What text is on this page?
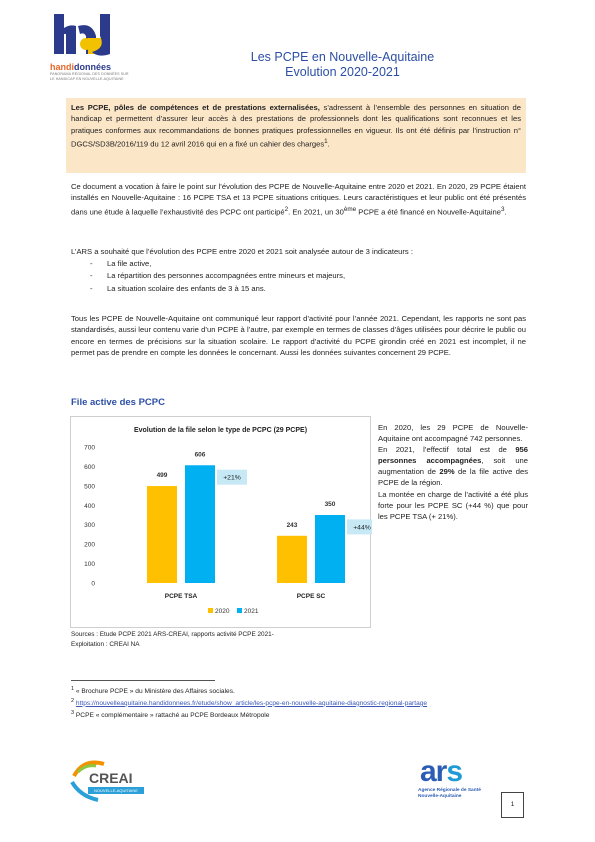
handidonnées
PANORAMA RÉGIONAL DES DONNÉES SUR
LE HANDICAP EN NOUVELLE-AQUITAINE
Les PCPE en Nouvelle-Aquitaine
Evolution 2020-2021
Les PCPE, pôles de compétences et de prestations externalisées, s’adressent à l’ensemble des personnes en situation de handicap et permettent d’assurer leur accès à des prestations de professionnels dont les qualifications sont reconnues et les pratiques conformes aux recommandations de bonnes pratiques professionnelles en vigueur. Ils ont été définis par l’instruction n° DGCS/SD3B/2016/119 du 12 avril 2016 qui en a fixé un cahier des charges$^1$.
Ce document a vocation à faire le point sur l’évolution des PCPE de Nouvelle-Aquitaine entre 2020 et 2021. En 2020, 29 PCPE étaient installés en Nouvelle-Aquitaine : 16 PCPE TSA et 13 PCPE situations critiques. Leurs caractéristiques et leur public ont été présentés dans une étude à laquelle l’exhaustivité des PCPC ont participé$^2$. En 2021, un 30ème PCPE a été financé en Nouvelle-Aquitaine$^3$.
L’ARS a souhaité que l’évolution des PCPE entre 2020 et 2021 soit analysée autour de 3 indicateurs :
- La file active,
- La répartition des personnes accompagnées entre mineurs et majeurs,
- La situation scolaire des enfants de 3 à 15 ans.
Tous les PCPE de Nouvelle-Aquitaine ont communiqué leur rapport d’activité pour l’année 2021. Cependant, les rapports ne sont pas standardisés, aussi leur contenu varie d’un PCPE à l’autre, par exemple en termes de classes d’âges utilisées pour décrire le public ou encore en termes de précisions sur la situation scolaire. Le rapport d’activité du PCPE girondin créé en 2021 est incomplet, il ne permet pas de prendre en compte les données le concernant. Aussi les données suivantes concernent 29 PCPE.
File active des PCPC
Evolution de la file selon le type de PCPC (29 PCPE)
0
100
200
300
400
500
600
700
499
606
PCPE TSA
+21%
243
350
PCPE SC
+44%
2020 2021
En 2020, les 29 PCPE de Nouvelle-Aquitaine ont accompagné 742 personnes.
En 2021, l’effectif total est de 956 personnes accompagnées, soit une augmentation de 29% de la file active des PCPE de la région.
La montée en charge de l’activité a été plus forte pour les PCPE SC (+44 %) que pour les PCPE TSA (+ 21%).
Sources : Etude PCPE 2021 ARS-CREAI, rapports activité PCPE 2021-
Exploitation : CREAI NA
$^1$ « Brochure PCPE » du Ministère des Affaires sociales.
$^2$ https://nouvelleaquitaine.handidonnees.fr/etude/show_article/les-pcpe-en-nouvelle-aquitaine-diagnostic-regional-partage
$^3$ PCPE « complémentaire » rattaché au PCPE Bordeaux Métropole
CREAI
NOUVELLE-AQUITAINE
ars
Agence Régionale de Santé
Nouvelle-Aquitaine
1
